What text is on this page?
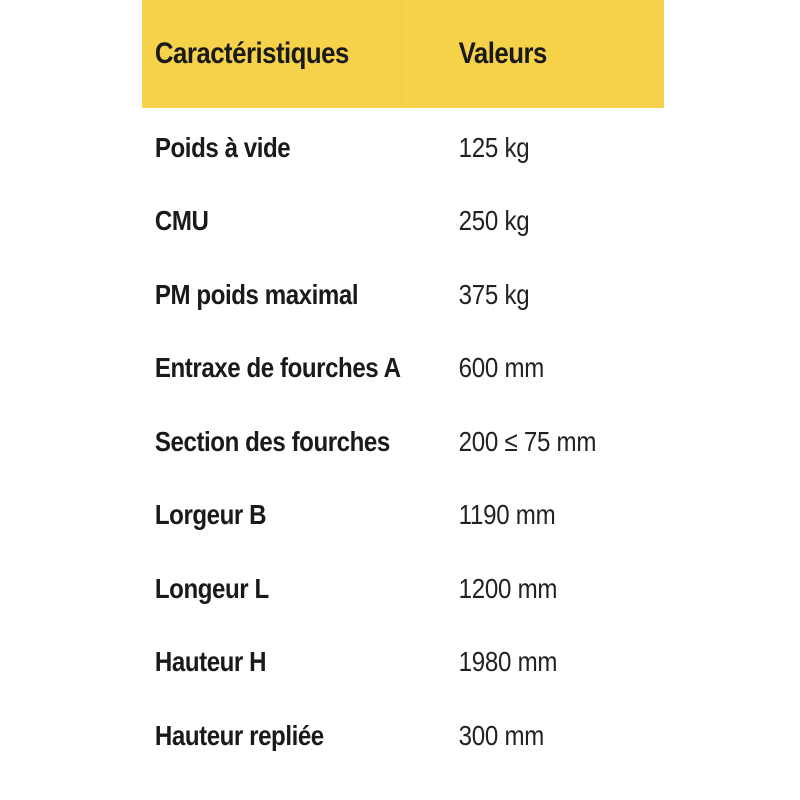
Caractéristiques	Valeurs
Poids à vide	125 kg
CMU	250 kg
PM poids maximal	375 kg
Entraxe de fourches A	600 mm
Section des fourches	200 ≤ 75 mm
Lorgeur B	1190 mm
Longeur L	1200 mm
Hauteur H	1980 mm
Hauteur repliée	300 mm
